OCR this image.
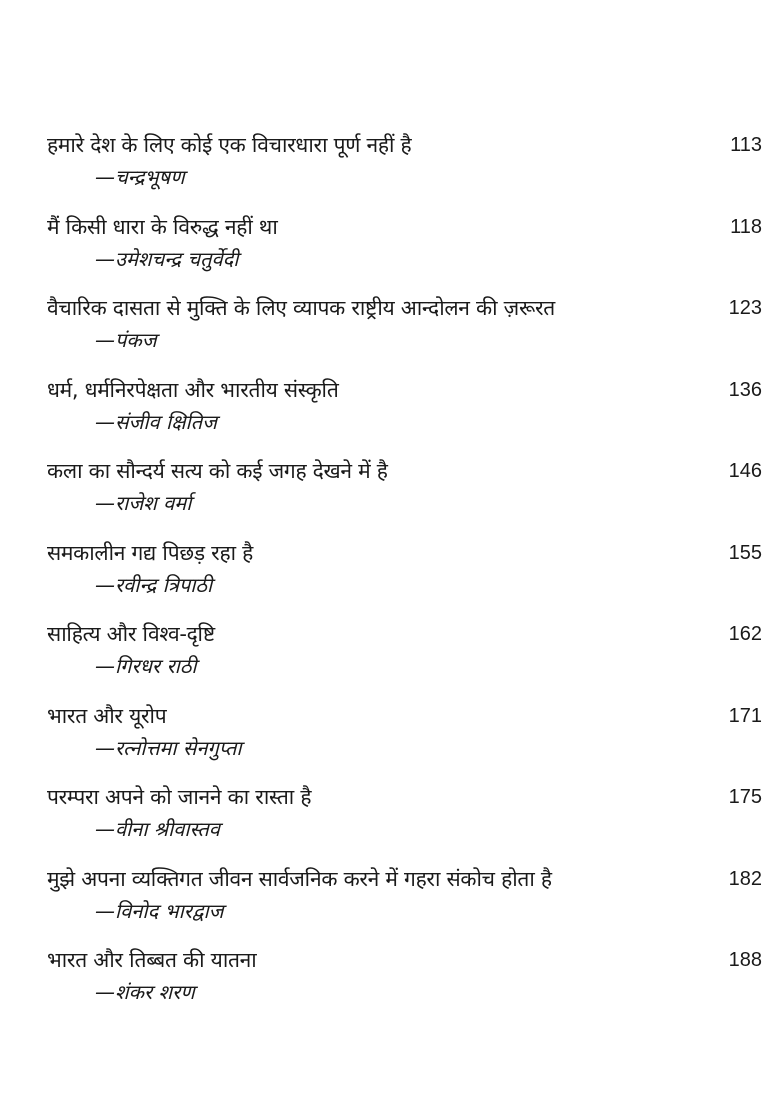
हमारे देश के लिए कोई एक विचारधारा पूर्ण नहीं है	113
—चन्द्रभूषण
मैं किसी धारा के विरुद्ध नहीं था	118
—उमेशचन्द्र चतुर्वेदी
वैचारिक दासता से मुक्ति के लिए व्यापक राष्ट्रीय आन्दोलन की ज़रूरत	123
—पंकज
धर्म, धर्मनिरपेक्षता और भारतीय संस्कृति	136
—संजीव क्षितिज
कला का सौन्दर्य सत्य को कई जगह देखने में है	146
—राजेश वर्मा
समकालीन गद्य पिछड़ रहा है	155
—रवीन्द्र त्रिपाठी
साहित्य और विश्व-दृष्टि	162
—गिरधर राठी
भारत और यूरोप	171
—रत्नोत्तमा सेनगुप्ता
परम्परा अपने को जानने का रास्ता है	175
—वीना श्रीवास्तव
मुझे अपना व्यक्तिगत जीवन सार्वजनिक करने में गहरा संकोच होता है	182
—विनोद भारद्वाज
भारत और तिब्बत की यातना	188
—शंकर शरण
